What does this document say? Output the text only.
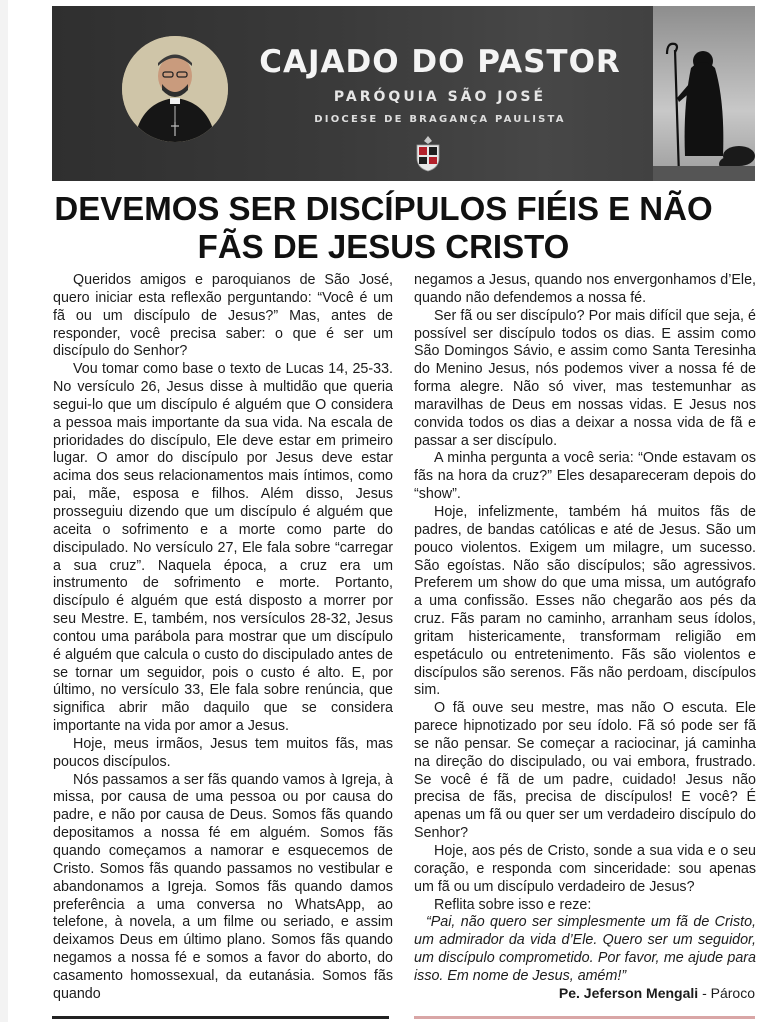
CAJADO DO PASTOR
PARÓQUIA SÃO JOSÉ
DIOCESE DE BRAGANÇA PAULISTA
DEVEMOS SER DISCÍPULOS FIÉIS E NÃO FÃS DE JESUS CRISTO

Queridos amigos e paroquianos de São José, quero iniciar esta reflexão perguntando: “Você é um fã ou um discípulo de Jesus?” Mas, antes de responder, você precisa saber: o que é ser um discípulo do Senhor?

Vou tomar como base o texto de Lucas 14, 25-33. No versículo 26, Jesus disse à multidão que queria segui-lo que um discípulo é alguém que O considera a pessoa mais importante da sua vida. Na escala de prioridades do discípulo, Ele deve estar em primeiro lugar. O amor do discípulo por Jesus deve estar acima dos seus relacionamentos mais íntimos, como pai, mãe, esposa e filhos. Além disso, Jesus prosseguiu dizendo que um discípulo é alguém que aceita o sofrimento e a morte como parte do discipulado. No versículo 27, Ele fala sobre “carregar a sua cruz”. Naquela época, a cruz era um instrumento de sofrimento e morte. Portanto, discípulo é alguém que está disposto a morrer por seu Mestre. E, também, nos versículos 28-32, Jesus contou uma parábola para mostrar que um discípulo é alguém que calcula o custo do discipulado antes de se tornar um seguidor, pois o custo é alto. E, por último, no versículo 33, Ele fala sobre renúncia, que significa abrir mão daquilo que se considera importante na vida por amor a Jesus.

Hoje, meus irmãos, Jesus tem muitos fãs, mas poucos discípulos.

Nós passamos a ser fãs quando vamos à Igreja, à missa, por causa de uma pessoa ou por causa do padre, e não por causa de Deus. Somos fãs quando depositamos a nossa fé em alguém. Somos fãs quando começamos a namorar e esquecemos de Cristo. Somos fãs quando passamos no vestibular e abandonamos a Igreja. Somos fãs quando damos preferência a uma conversa no WhatsApp, ao telefone, à novela, a um filme ou seriado, e assim deixamos Deus em último plano. Somos fãs quando negamos a nossa fé e somos a favor do aborto, do casamento homossexual, da eutanásia. Somos fãs quando

negamos a Jesus, quando nos envergonhamos d’Ele, quando não defendemos a nossa fé.

Ser fã ou ser discípulo? Por mais difícil que seja, é possível ser discípulo todos os dias. E assim como São Domingos Sávio, e assim como Santa Teresinha do Menino Jesus, nós podemos viver a nossa fé de forma alegre. Não só viver, mas testemunhar as maravilhas de Deus em nossas vidas. E Jesus nos convida todos os dias a deixar a nossa vida de fã e passar a ser discípulo.

A minha pergunta a você seria: “Onde estavam os fãs na hora da cruz?” Eles desapareceram depois do “show”.

Hoje, infelizmente, também há muitos fãs de padres, de bandas católicas e até de Jesus. São um pouco violentos. Exigem um milagre, um sucesso. São egoístas. Não são discípulos; são agressivos. Preferem um show do que uma missa, um autógrafo a uma confissão. Esses não chegarão aos pés da cruz. Fãs param no caminho, arranham seus ídolos, gritam histericamente, transformam religião em espetáculo ou entretenimento. Fãs são violentos e discípulos são serenos. Fãs não perdoam, discípulos sim.

O fã ouve seu mestre, mas não O escuta. Ele parece hipnotizado por seu ídolo. Fã só pode ser fã se não pensar. Se começar a raciocinar, já caminha na direção do discipulado, ou vai embora, frustrado. Se você é fã de um padre, cuidado! Jesus não precisa de fãs, precisa de discípulos! E você? É apenas um fã ou quer ser um verdadeiro discípulo do Senhor?

Hoje, aos pés de Cristo, sonde a sua vida e o seu coração, e responda com sinceridade: sou apenas um fã ou um discípulo verdadeiro de Jesus?

Reflita sobre isso e reze:

“Pai, não quero ser simplesmente um fã de Cristo, um admirador da vida d’Ele. Quero ser um seguidor, um discípulo comprometido. Por favor, me ajude para isso. Em nome de Jesus, amém!”

Pe. Jeferson Mengali - Pároco
